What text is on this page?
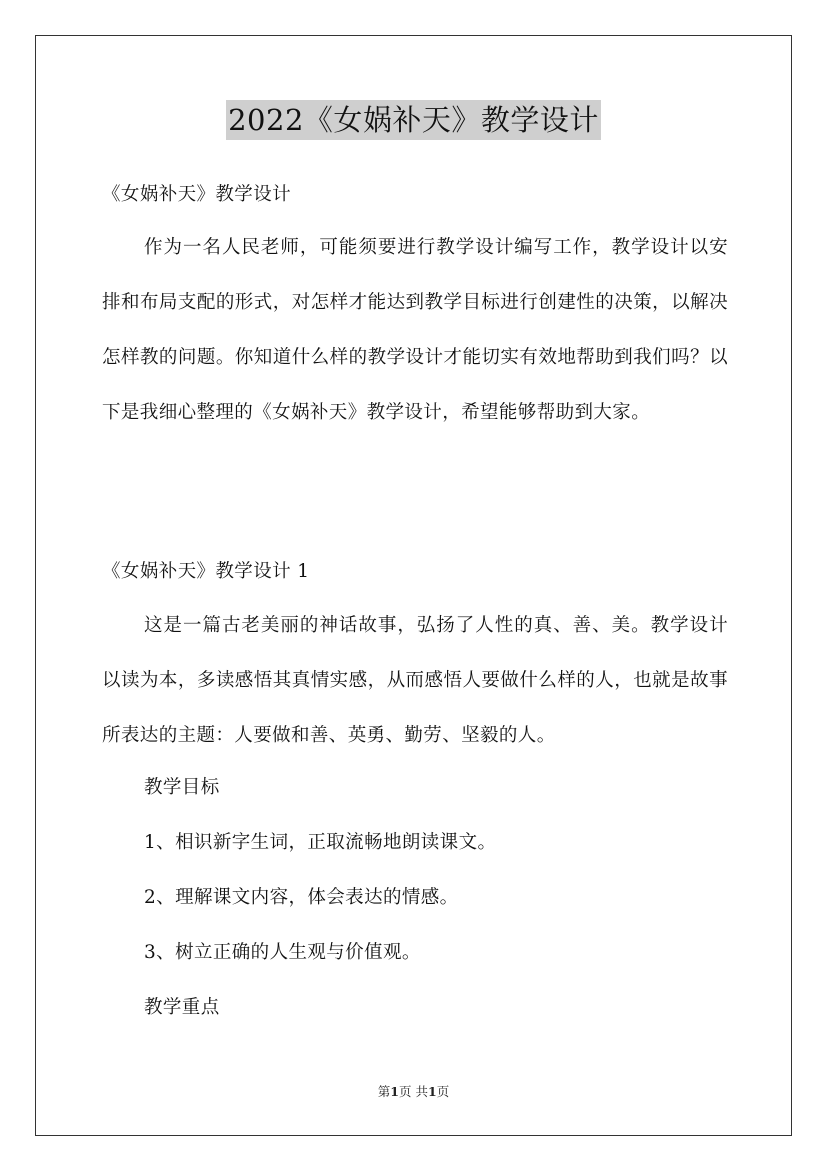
2022《女娲补天》教学设计

《女娲补天》教学设计

作为一名人民老师，可能须要进行教学设计编写工作，教学设计以安排和布局支配的形式，对怎样才能达到教学目标进行创建性的决策，以解决怎样教的问题。你知道什么样的教学设计才能切实有效地帮助到我们吗？以下是我细心整理的《女娲补天》教学设计，希望能够帮助到大家。

《女娲补天》教学设计 1

这是一篇古老美丽的神话故事，弘扬了人性的真、善、美。教学设计以读为本，多读感悟其真情实感，从而感悟人要做什么样的人，也就是故事所表达的主题：人要做和善、英勇、勤劳、坚毅的人。

教学目标

1、相识新字生词，正取流畅地朗读课文。

2、理解课文内容，体会表达的情感。

3、树立正确的人生观与价值观。

教学重点

第1页 共1页
